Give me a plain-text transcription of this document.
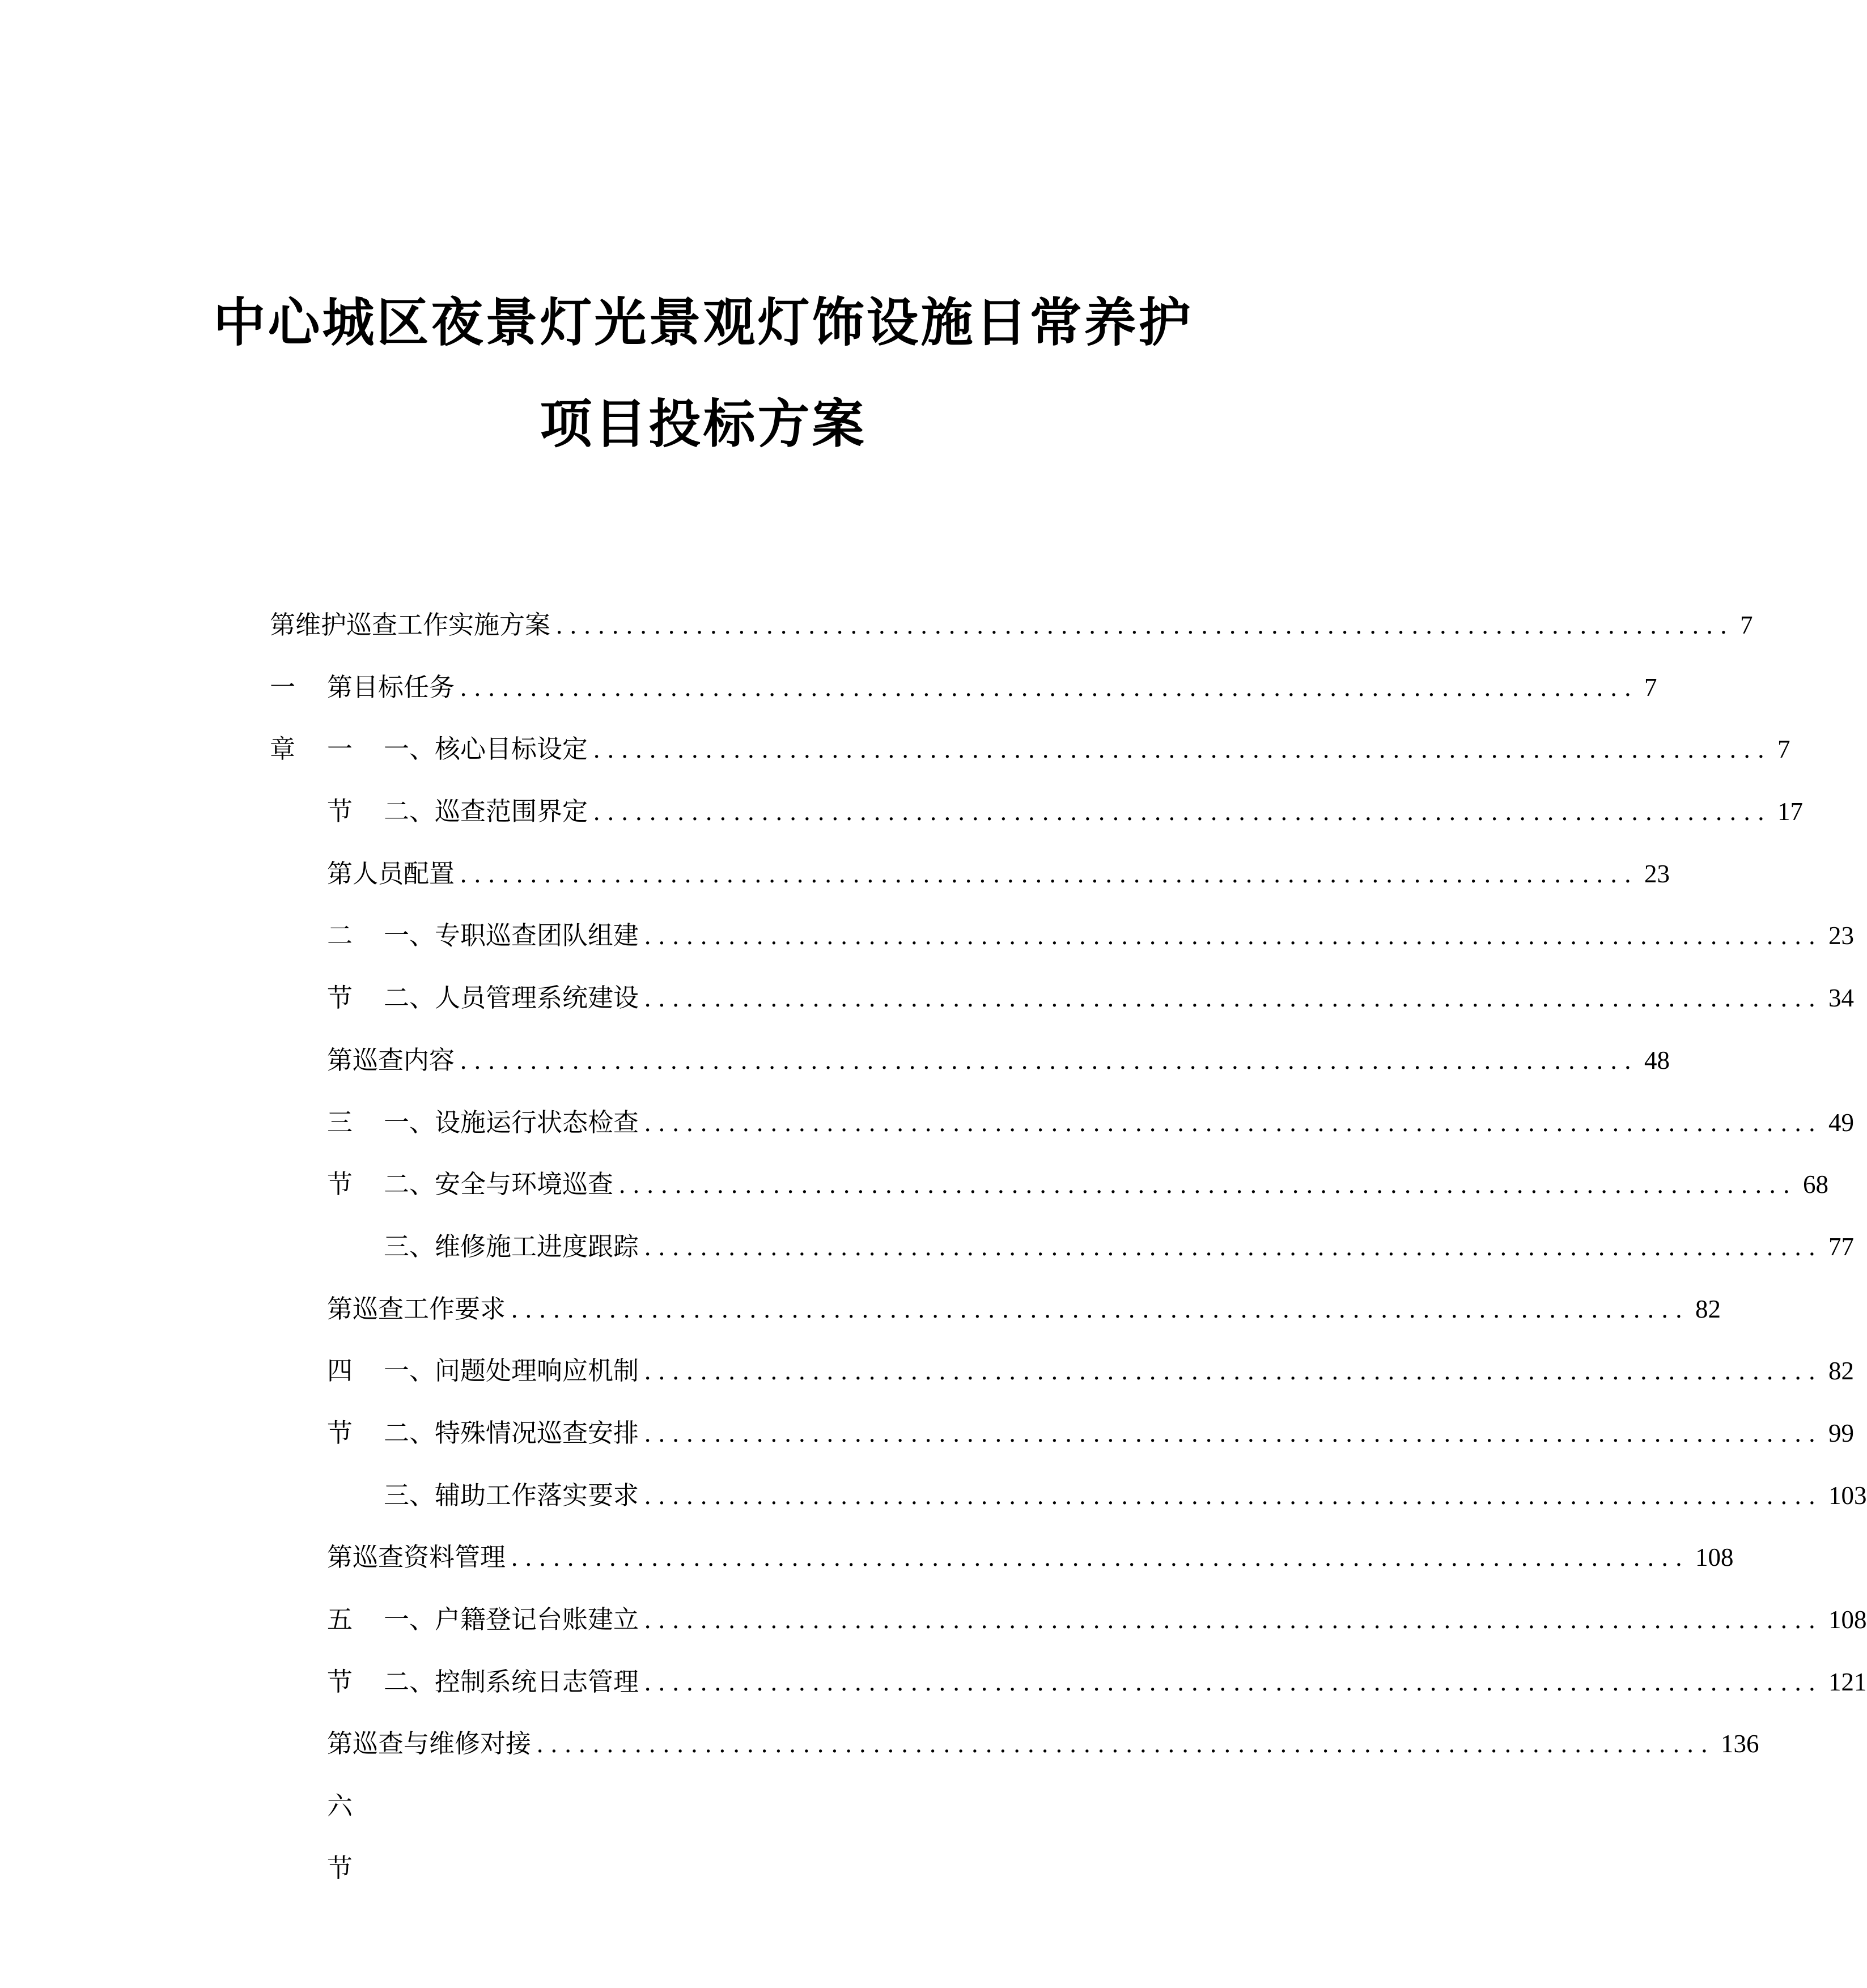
中心城区夜景灯光景观灯饰设施日常养护
项目投标方案
第一章
维护巡查工作实施方案 .................................................................................... 7
第一节
目标任务 .................................................................................... 7
一、 核心目标设定 .................................................................................... 7
二、 巡查范围界定 .................................................................................... 17
第二节
人员配置 .................................................................................... 23
一、 专职巡查团队组建 .................................................................................... 23
二、 人员管理系统建设 .................................................................................... 34
第三节
巡查内容 .................................................................................... 48
一、 设施运行状态检查 .................................................................................... 49
二、 安全与环境巡查 .................................................................................... 68
三、 维修施工进度跟踪 .................................................................................... 77
第四节
巡查工作要求 .................................................................................... 82
一、 问题处理响应机制 .................................................................................... 82
二、 特殊情况巡查安排 .................................................................................... 99
三、 辅助工作落实要求 .................................................................................... 103
第五节
巡查资料管理 .................................................................................... 108
一、 户籍登记台账建立 .................................................................................... 108
二、 控制系统日志管理 .................................................................................... 121
第六节
巡查与维修对接 .................................................................................... 136
